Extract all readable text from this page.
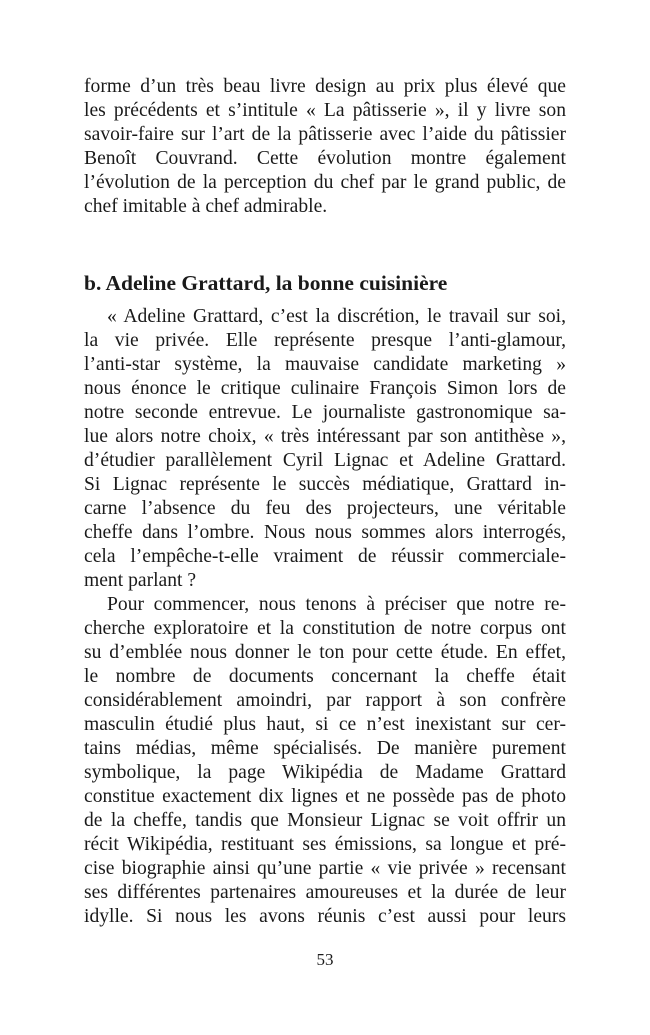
forme d’un très beau livre design au prix plus élevé que
les précédents et s’intitule « La pâtisserie », il y livre son
savoir-faire sur l’art de la pâtisserie avec l’aide du pâtissier
Benoît Couvrand. Cette évolution montre également
l’évolution de la perception du chef par le grand public, de
chef imitable à chef admirable.
b. Adeline Grattard, la bonne cuisinière
« Adeline Grattard, c’est la discrétion, le travail sur soi,
la vie privée. Elle représente presque l’anti-glamour,
l’anti-star système, la mauvaise candidate marketing »
nous énonce le critique culinaire François Simon lors de
notre seconde entrevue. Le journaliste gastronomique sa-
lue alors notre choix, « très intéressant par son antithèse »,
d’étudier parallèlement Cyril Lignac et Adeline Grattard.
Si Lignac représente le succès médiatique, Grattard in-
carne l’absence du feu des projecteurs, une véritable
cheffe dans l’ombre. Nous nous sommes alors interrogés,
cela l’empêche-t-elle vraiment de réussir commerciale-
ment parlant ?
Pour commencer, nous tenons à préciser que notre re-
cherche exploratoire et la constitution de notre corpus ont
su d’emblée nous donner le ton pour cette étude. En effet,
le nombre de documents concernant la cheffe était
considérablement amoindri, par rapport à son confrère
masculin étudié plus haut, si ce n’est inexistant sur cer-
tains médias, même spécialisés. De manière purement
symbolique, la page Wikipédia de Madame Grattard
constitue exactement dix lignes et ne possède pas de photo
de la cheffe, tandis que Monsieur Lignac se voit offrir un
récit Wikipédia, restituant ses émissions, sa longue et pré-
cise biographie ainsi qu’une partie « vie privée » recensant
ses différentes partenaires amoureuses et la durée de leur
idylle. Si nous les avons réunis c’est aussi pour leurs
53
